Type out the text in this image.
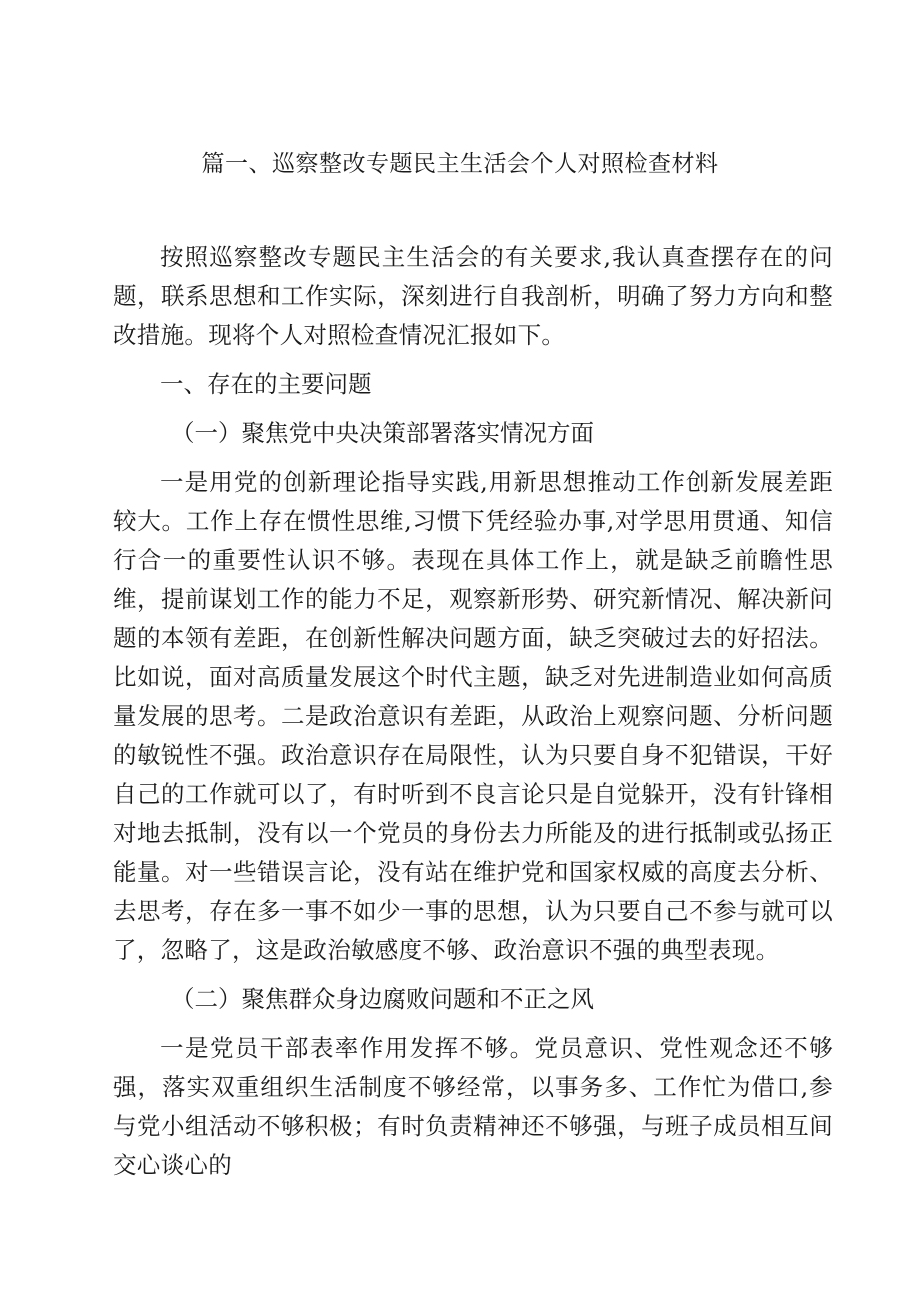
篇一、巡察整改专题民主生活会个人对照检查材料

按照巡察整改专题民主生活会的有关要求,我认真查摆存在的问题，联系思想和工作实际，深刻进行自我剖析，明确了努力方向和整改措施。现将个人对照检查情况汇报如下。

一、存在的主要问题

（一）聚焦党中央决策部署落实情况方面

一是用党的创新理论指导实践,用新思想推动工作创新发展差距较大。工作上存在惯性思维,习惯下凭经验办事,对学思用贯通、知信行合一的重要性认识不够。表现在具体工作上，就是缺乏前瞻性思维，提前谋划工作的能力不足，观察新形势、研究新情况、解决新问题的本领有差距，在创新性解决问题方面，缺乏突破过去的好招法。比如说，面对高质量发展这个时代主题，缺乏对先进制造业如何高质量发展的思考。二是政治意识有差距，从政治上观察问题、分析问题的敏锐性不强。政治意识存在局限性，认为只要自身不犯错误，干好自己的工作就可以了，有时听到不良言论只是自觉躲开，没有针锋相对地去抵制，没有以一个党员的身份去力所能及的进行抵制或弘扬正能量。对一些错误言论，没有站在维护党和国家权威的高度去分析、去思考，存在多一事不如少一事的思想，认为只要自己不参与就可以了，忽略了，这是政治敏感度不够、政治意识不强的典型表现。

（二）聚焦群众身边腐败问题和不正之风

一是党员干部表率作用发挥不够。党员意识、党性观念还不够强，落实双重组织生活制度不够经常，以事务多、工作忙为借口,参与党小组活动不够积极；有时负责精神还不够强，与班子成员相互间交心谈心的
